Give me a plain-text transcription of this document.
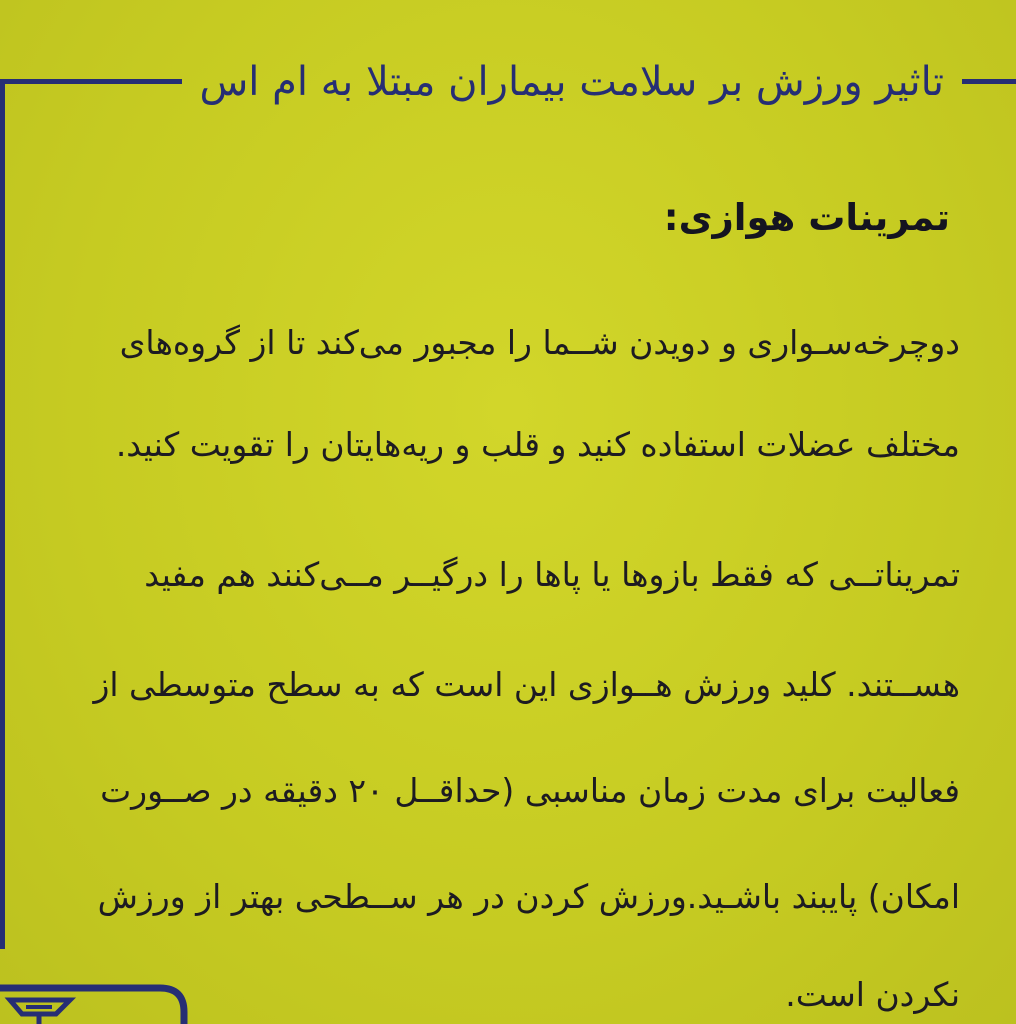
تاثیر ورزش بر سلامت بیماران مبتلا به ام اس
تمرینات هوازی:
دوچرخه‌سـواری و دویدن شــما را مجبور می‌کند تا از گروه‌های
مختلف عضلات استفاده کنید و قلب و ریه‌هایتان را تقویت کنید.
تمریناتــی که فقط بازوها یا پاها را درگیــر مــی‌کنند هم مفید
هســتند. کلید ورزش هــوازی این است که به سطح متوسطی از
فعالیت برای مدت زمان مناسبی (حداقــل ۲۰ دقیقه در صــورت
امکان) پایبند باشـید.ورزش کردن در هر ســطحی بهتر از ورزش
نکردن است.
